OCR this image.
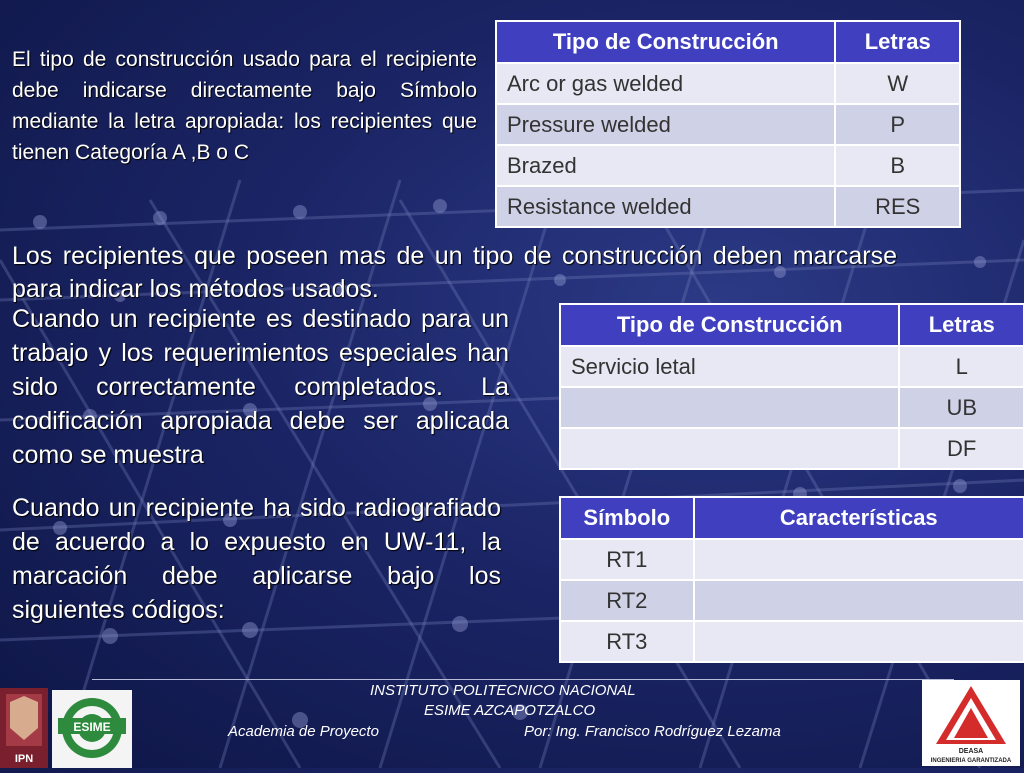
El tipo de construcción usado para el recipiente debe indicarse directamente bajo Símbolo mediante la letra apropiada: los recipientes que tienen Categoría A ,B o C
Tipo de Construcción	Letras
Arc or gas welded	W
Pressure welded	P
Brazed	B
Resistance welded	RES
Los recipientes que poseen mas de un tipo de construcción deben marcarse para indicar los métodos usados.
Cuando un recipiente es destinado para un trabajo y los requerimientos especiales han sido correctamente completados. La codificación apropiada debe ser aplicada como se muestra
Tipo de Construcción	Letras
Servicio letal	L
	UB
	DF
Cuando un recipiente ha sido radiografiado de acuerdo a lo expuesto en UW-11, la marcación debe aplicarse bajo los siguientes códigos:
Símbolo	Características
RT1	
RT2	
RT3	
INSTITUTO POLITECNICO NACIONAL
ESIME AZCAPOTZALCO
Academia de Proyecto	Por: Ing. Francisco Rodríguez Lezama
IPN
ESIME
DEASA
INGENIERIA GARANTIZADA
